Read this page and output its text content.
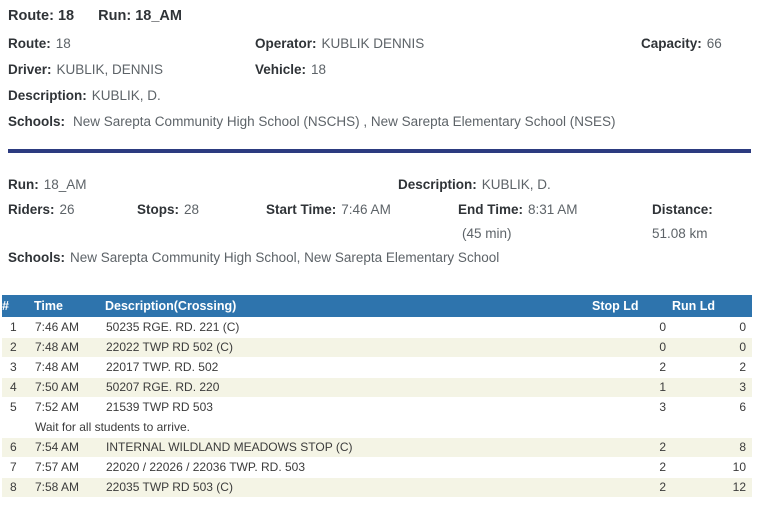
Route: 18 Run: 18_AM
Route: 18	Operator: KUBLIK DENNIS	Capacity: 66
Driver: KUBLIK, DENNIS	Vehicle: 18
Description: KUBLIK, D.
Schools: New Sarepta Community High School (NSCHS) , New Sarepta Elementary School (NSES)
Run: 18_AM	Description: KUBLIK, D.
Riders: 26	Stops: 28	Start Time: 7:46 AM	End Time: 8:31 AM	Distance:
(45 min)	51.08 km
Schools: New Sarepta Community High School, New Sarepta Elementary School
#	Time	Description(Crossing)	Stop Ld	Run Ld
1	7:46 AM	50235 RGE. RD. 221 (C)	0	0
2	7:48 AM	22022 TWP RD 502 (C)	0	0
3	7:48 AM	22017 TWP. RD. 502	2	2
4	7:50 AM	50207 RGE. RD. 220	1	3
5	7:52 AM	21539 TWP RD 503	3	6
	Wait for all students to arrive.			
6	7:54 AM	INTERNAL WILDLAND MEADOWS STOP (C)	2	8
7	7:57 AM	22020 / 22026 / 22036 TWP. RD. 503	2	10
8	7:58 AM	22035 TWP RD 503 (C)	2	12
